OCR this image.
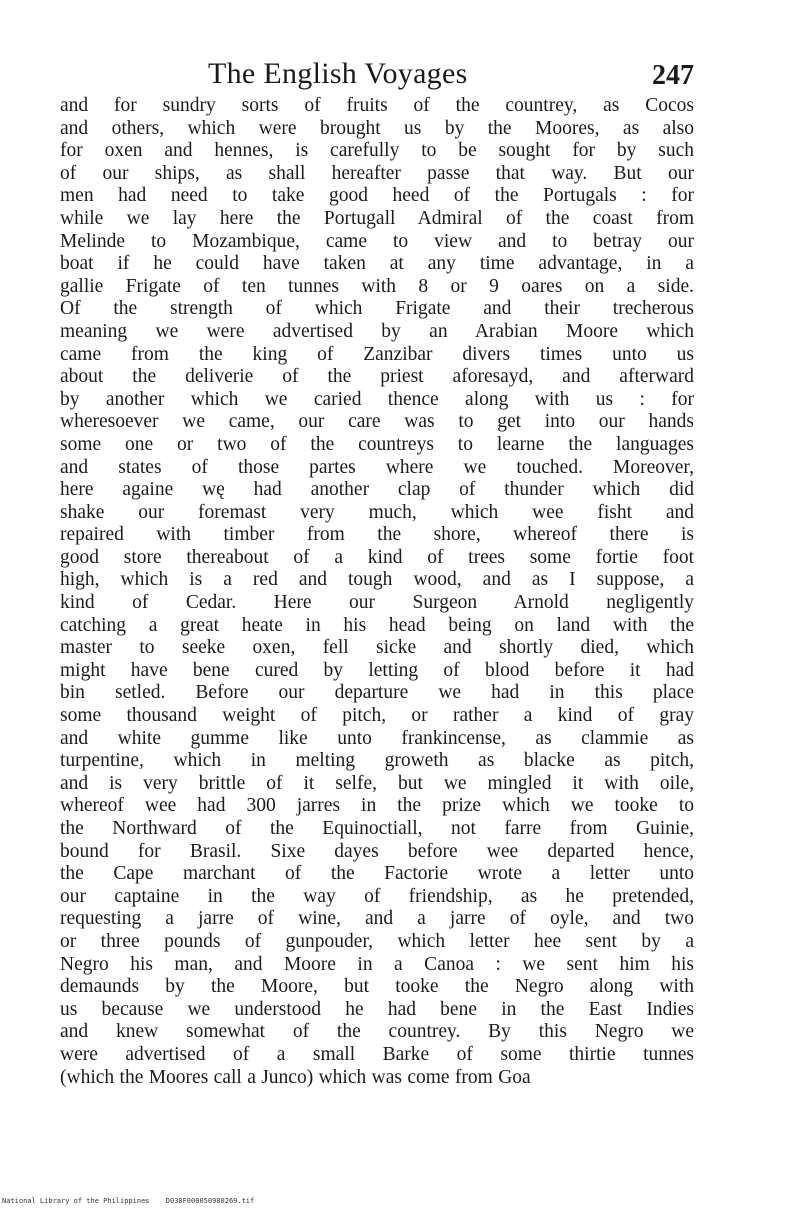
The English Voyages	247
and for sundry sorts of fruits of the countrey, as Cocos
and others, which were brought us by the Moores, as also
for oxen and hennes, is carefully to be sought for by such
of our ships, as shall hereafter passe that way. But our
men had need to take good heed of the Portugals : for
while we lay here the Portugall Admiral of the coast from
Melinde to Mozambique, came to view and to betray our
boat if he could have taken at any time advantage, in a
gallie Frigate of ten tunnes with 8 or 9 oares on a side.
Of the strength of which Frigate and their trecherous
meaning we were advertised by an Arabian Moore which
came from the king of Zanzibar divers times unto us
about the deliverie of the priest aforesayd, and afterward
by another which we caried thence along with us : for
wheresoever we came, our care was to get into our hands
some one or two of the countreys to learne the languages
and states of those partes where we touched. Moreover,
here againe wę had another clap of thunder which did
shake our foremast very much, which wee fisht and
repaired with timber from the shore, whereof there is
good store thereabout of a kind of trees some fortie foot
high, which is a red and tough wood, and as I suppose, a
kind of Cedar. Here our Surgeon Arnold negligently
catching a great heate in his head being on land with the
master to seeke oxen, fell sicke and shortly died, which
might have bene cured by letting of blood before it had
bin setled. Before our departure we had in this place
some thousand weight of pitch, or rather a kind of gray
and white gumme like unto frankincense, as clammie as
turpentine, which in melting groweth as blacke as pitch,
and is very brittle of it selfe, but we mingled it with oile,
whereof wee had 300 jarres in the prize which we tooke to
the Northward of the Equinoctiall, not farre from Guinie,
bound for Brasil. Sixe dayes before wee departed hence,
the Cape marchant of the Factorie wrote a letter unto
our captaine in the way of friendship, as he pretended,
requesting a jarre of wine, and a jarre of oyle, and two
or three pounds of gunpouder, which letter hee sent by a
Negro his man, and Moore in a Canoa : we sent him his
demaunds by the Moore, but tooke the Negro along with
us because we understood he had bene in the East Indies
and knew somewhat of the countrey. By this Negro we
were advertised of a small Barke of some thirtie tunnes
(which the Moores call a Junco) which was come from Goa
National Library of the Philippines D030F000050980269.tif
